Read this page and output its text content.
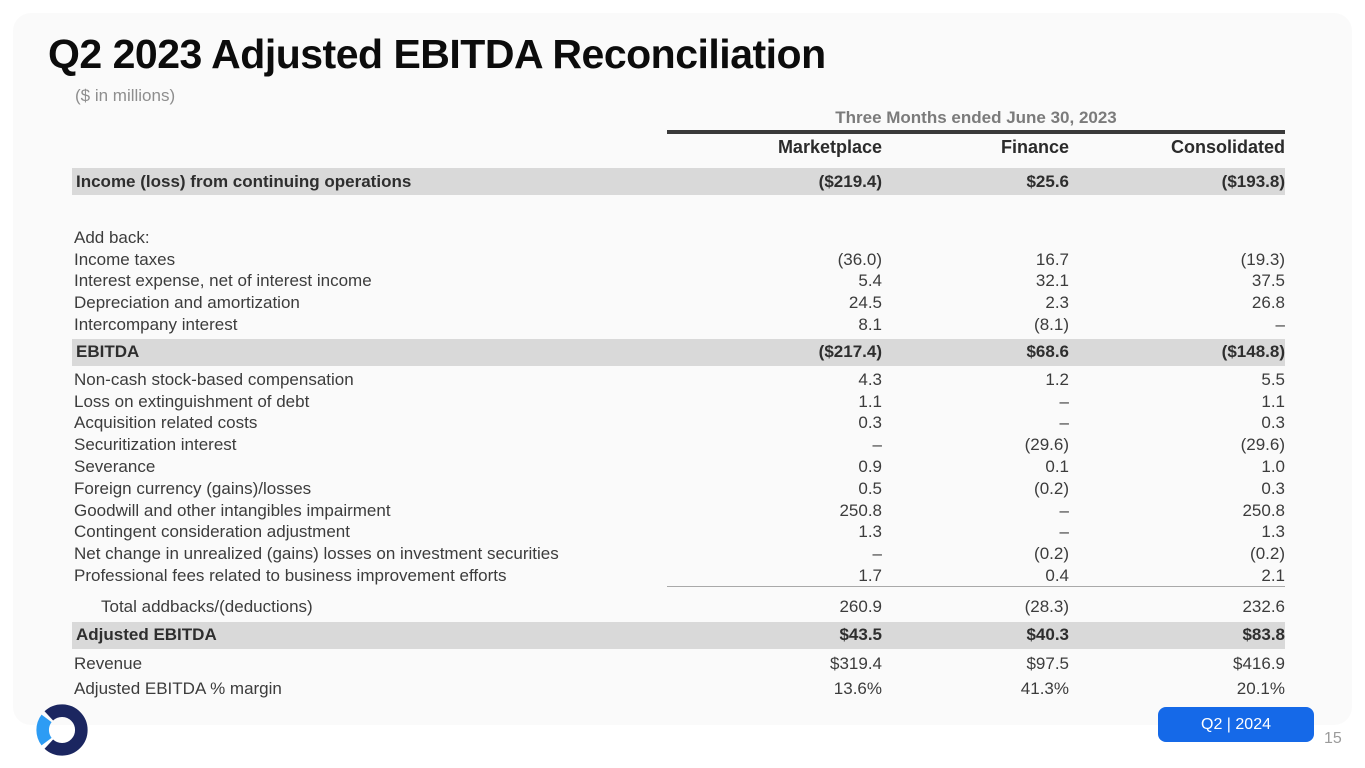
Q2 2023 Adjusted EBITDA Reconciliation
($ in millions)
Three Months ended June 30, 2023
Marketplace	Finance	Consolidated
Income (loss) from continuing operations	($219.4)	$25.6	($193.8)
Add back:
Income taxes	(36.0)	16.7	(19.3)
Interest expense, net of interest income	5.4	32.1	37.5
Depreciation and amortization	24.5	2.3	26.8
Intercompany interest	8.1	(8.1)	–
EBITDA	($217.4)	$68.6	($148.8)
Non-cash stock-based compensation	4.3	1.2	5.5
Loss on extinguishment of debt	1.1	–	1.1
Acquisition related costs	0.3	–	0.3
Securitization interest	–	(29.6)	(29.6)
Severance	0.9	0.1	1.0
Foreign currency (gains)/losses	0.5	(0.2)	0.3
Goodwill and other intangibles impairment	250.8	–	250.8
Contingent consideration adjustment	1.3	–	1.3
Net change in unrealized (gains) losses on investment securities	–	(0.2)	(0.2)
Professional fees related to business improvement efforts	1.7	0.4	2.1
Total addbacks/(deductions)	260.9	(28.3)	232.6
Adjusted EBITDA	$43.5	$40.3	$83.8
Revenue	$319.4	$97.5	$416.9
Adjusted EBITDA % margin	13.6%	41.3%	20.1%
Q2 | 2024
15
